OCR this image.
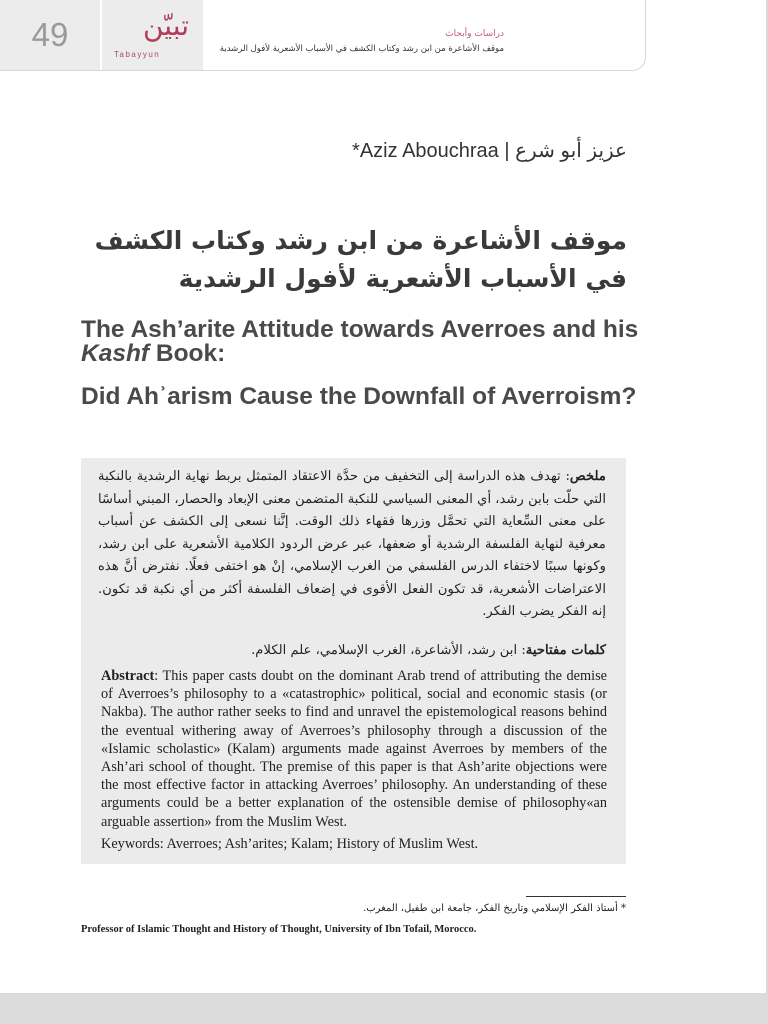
49	تبيّن
Tabayyun
دراسات وأبحاث
موقف الأشاعرة من ابن رشد وكتاب الكشف في الأسباب الأشعرية لأفول الرشدية
عزيز أبو شرع | Aziz Abouchraa*
موقف الأشاعرة من ابن رشد وكتاب الكشف في الأسباب الأشعرية لأفول الرشدية
The Ash’arite Attitude towards Averroes and his Kashf Book:
Did Ahʾarism Cause the Downfall of Averroism?
ملخص: تهدف هذه الدراسة إلى التخفيف من حدَّة الاعتقاد المتمثل بربط نهاية الرشدية بالنكبة التي حلّت بابن رشد، أي المعنى السياسي للنكبة المتضمن معنى الإبعاد والحصار، المبني أساسًا على معنى السِّعاية التي تحمَّل وزرها فقهاء ذلك الوقت. إنَّنا نسعى إلى الكشف عن أسباب معرفية لنهاية الفلسفة الرشدية أو ضعفها، عبر عرض الردود الكلامية الأشعرية على ابن رشد، وكونها سببًا لاختفاء الدرس الفلسفي من الغرب الإسلامي، إنْ هو اختفى فعلًا. نفترض أنَّ هذه الاعتراضات الأشعرية، قد تكون الفعل الأقوى في إضعاف الفلسفة أكثر من أي نكبة قد تكون. إنه الفكر يضرب الفكر.
كلمات مفتاحية: ابن رشد، الأشاعرة، الغرب الإسلامي، علم الكلام.
Abstract: This paper casts doubt on the dominant Arab trend of attributing the demise of Averroes’s philosophy to a «catastrophic» political, social and economic stasis (or Nakba). The author rather seeks to find and unravel the epistemological reasons behind the eventual withering away of Averroes’s philosophy through a discussion of the «Islamic scholastic» (Kalam) arguments made against Averroes by members of the Ash’ari school of thought. The premise of this paper is that Ash’arite objections were the most effective factor in attacking Averroes’ philosophy. An understanding of these arguments could be a better explanation of the ostensible demise of philosophy«an arguable assertion» from the Muslim West.
Keywords: Averroes; Ash’arites; Kalam; History of Muslim West.
* أستاذ الفكر الإسلامي وتاريخ الفكر، جامعة ابن طفيل، المغرب.
Professor of Islamic Thought and History of Thought, University of Ibn Tofail, Morocco.
